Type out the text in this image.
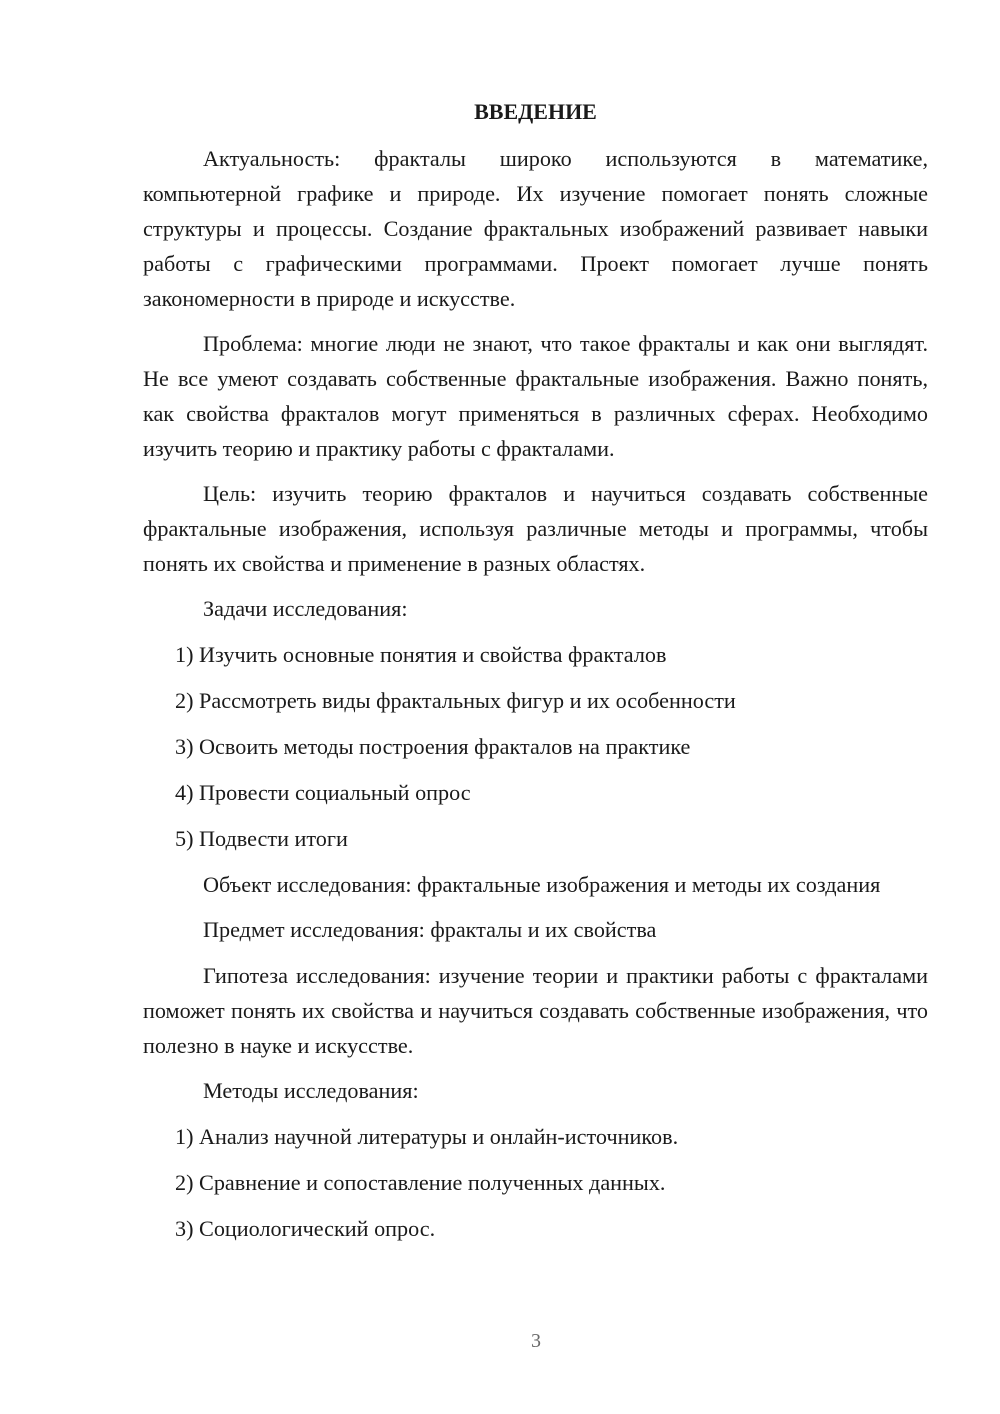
ВВЕДЕНИЕ

Актуальность: фракталы широко используются в математике, компьютерной графике и природе. Их изучение помогает понять сложные структуры и процессы. Создание фрактальных изображений развивает навыки работы с графическими программами. Проект помогает лучше понять закономерности в природе и искусстве.

Проблема: многие люди не знают, что такое фракталы и как они выглядят. Не все умеют создавать собственные фрактальные изображения. Важно понять, как свойства фракталов могут применяться в различных сферах. Необходимо изучить теорию и практику работы с фракталами.

Цель: изучить теорию фракталов и научиться создавать собственные фрактальные изображения, используя различные методы и программы, чтобы понять их свойства и применение в разных областях.

Задачи исследования:

1) Изучить основные понятия и свойства фракталов
2) Рассмотреть виды фрактальных фигур и их особенности
3) Освоить методы построения фракталов на практике
4) Провести социальный опрос
5) Подвести итоги

Объект исследования: фрактальные изображения и методы их создания

Предмет исследования: фракталы и их свойства

Гипотеза исследования: изучение теории и практики работы с фракталами поможет понять их свойства и научиться создавать собственные изображения, что полезно в науке и искусстве.

Методы исследования:

1) Анализ научной литературы и онлайн-источников.
2) Сравнение и сопоставление полученных данных.
3) Социологический опрос.
3
